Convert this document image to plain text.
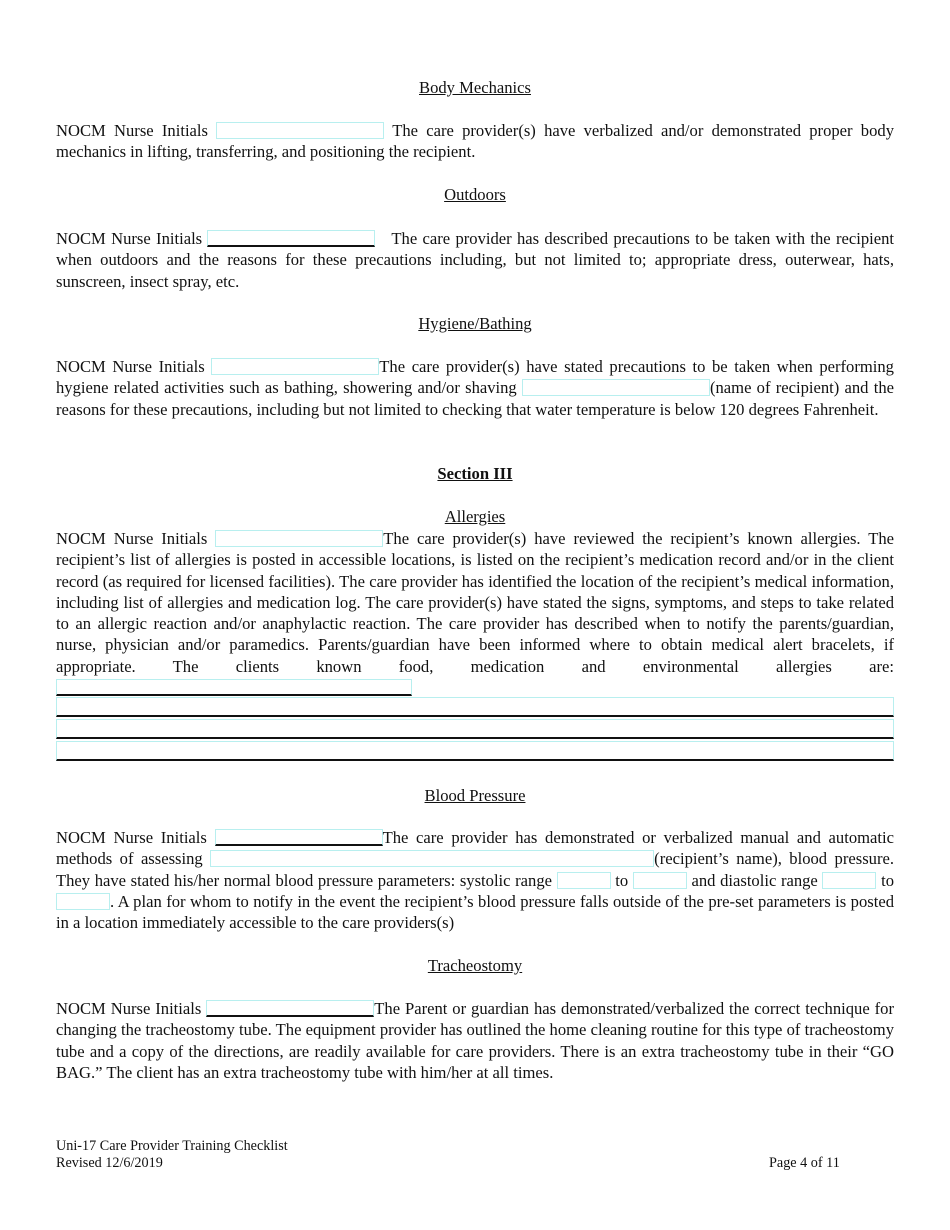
Body Mechanics
NOCM Nurse Initials	The care provider(s) have verbalized and/or demonstrated proper body mechanics in lifting, transferring, and positioning the recipient.
Outdoors
NOCM Nurse Initials	The care provider has described precautions to be taken with the recipient when outdoors and the reasons for these precautions including, but not limited to; appropriate dress, outerwear, hats, sunscreen, insect spray, etc.
Hygiene/Bathing
NOCM Nurse Initials	The care provider(s) have stated precautions to be taken when performing hygiene related activities such as bathing, showering and/or shaving	(name of recipient) and the reasons for these precautions, including but not limited to checking that water temperature is below 120 degrees Fahrenheit.
Section III
Allergies
NOCM Nurse Initials	The care provider(s) have reviewed the recipient’s known allergies. The recipient’s list of allergies is posted in accessible locations, is listed on the recipient’s medication record and/or in the client record (as required for licensed facilities). The care provider has identified the location of the recipient’s medical information, including list of allergies and medication log. The care provider(s) have stated the signs, symptoms, and steps to take related to an allergic reaction and/or anaphylactic reaction. The care provider has described when to notify the parents/guardian, nurse, physician and/or paramedics. Parents/guardian have been informed where to obtain medical alert bracelets, if appropriate. The clients known food, medication and environmental allergies are:
Blood Pressure
NOCM Nurse Initials	The care provider has demonstrated or verbalized manual and automatic methods of assessing	(recipient’s name), blood pressure. They have stated his/her normal blood pressure parameters: systolic range	to	and diastolic range	to . A plan for whom to notify in the event the recipient’s blood pressure falls outside of the pre-set parameters is posted in a location immediately accessible to the care providers(s)
Tracheostomy
NOCM Nurse Initials	The Parent or guardian has demonstrated/verbalized the correct technique for changing the tracheostomy tube. The equipment provider has outlined the home cleaning routine for this type of tracheostomy tube and a copy of the directions, are readily available for care providers. There is an extra tracheostomy tube in their “GO BAG.” The client has an extra tracheostomy tube with him/her at all times.
Uni-17 Care Provider Training Checklist
Revised 12/6/2019	Page 4 of 11
